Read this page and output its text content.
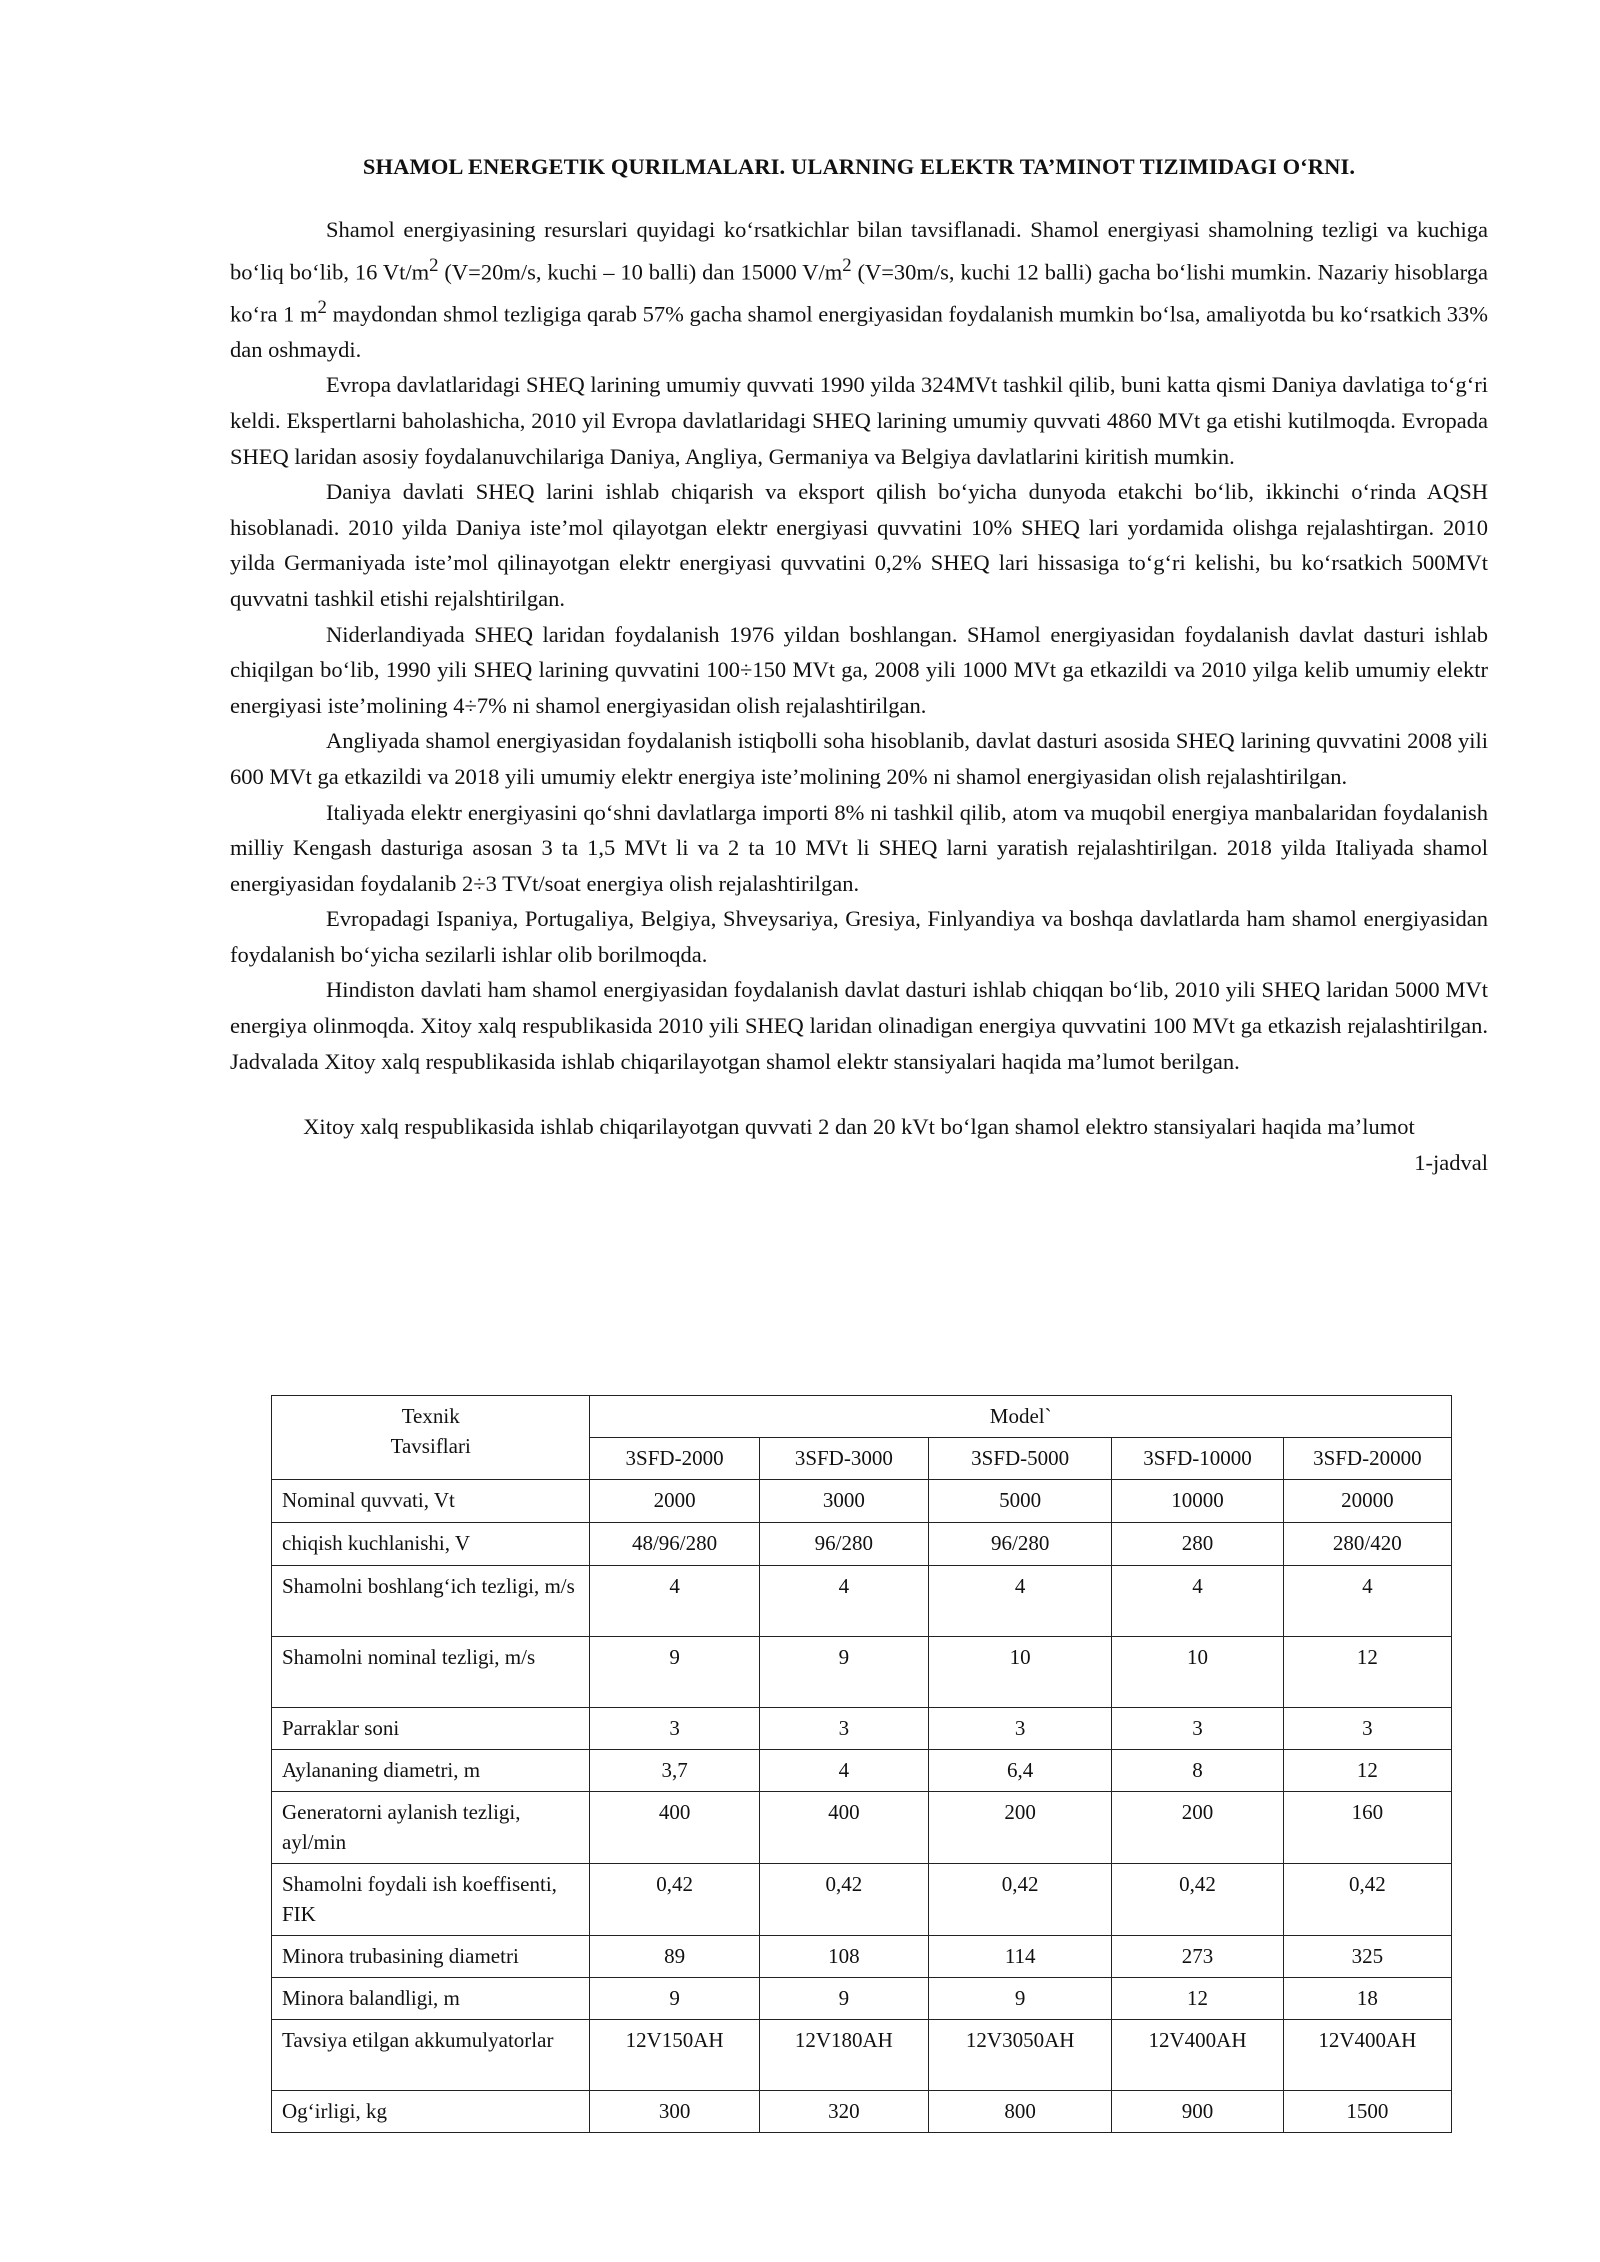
SHAMOL ENERGETIK QURILMALARI. ULARNING ELEKTR TA’MINOT TIZIMIDAGI O‘RNI.

Shamol energiyasining resurslari quyidagi ko‘rsatkichlar bilan tavsiflanadi. Shamol energiyasi shamolning tezligi va kuchiga bo‘liq bo‘lib, 16 $Vt/m^2$ (V=20m/s, kuchi – 10 balli) dan 15000 $V/m^2$ (V=30m/s, kuchi 12 balli) gacha bo‘lishi mumkin. Nazariy hisoblarga ko‘ra 1 $m^2$ maydondan shmol tezligiga qarab 57% gacha shamol energiyasidan foydalanish mumkin bo‘lsa, amaliyotda bu ko‘rsatkich 33% dan oshmaydi.

Evropa davlatlaridagi SHEQ larining umumiy quvvati 1990 yilda 324MVt tashkil qilib, buni katta qismi Daniya davlatiga to‘g‘ri keldi. Ekspertlarni baholashicha, 2010 yil Evropa davlatlaridagi SHEQ larining umumiy quvvati 4860 MVt ga etishi kutilmoqda. Evropada SHEQ laridan asosiy foydalanuvchilariga Daniya, Angliya, Germaniya va Belgiya davlatlarini kiritish mumkin.

Daniya davlati SHEQ larini ishlab chiqarish va eksport qilish bo‘yicha dunyoda etakchi bo‘lib, ikkinchi o‘rinda AQSH hisoblanadi. 2010 yilda Daniya iste’mol qilayotgan elektr energiyasi quvvatini 10% SHEQ lari yordamida olishga rejalashtirgan. 2010 yilda Germaniyada iste’mol qilinayotgan elektr energiyasi quvvatini 0,2% SHEQ lari hissasiga to‘g‘ri kelishi, bu ko‘rsatkich 500MVt quvvatni tashkil etishi rejalshtirilgan.

Niderlandiyada SHEQ laridan foydalanish 1976 yildan boshlangan. SHamol energiyasidan foydalanish davlat dasturi ishlab chiqilgan bo‘lib, 1990 yili SHEQ larining quvvatini 100÷150 MVt ga, 2008 yili 1000 MVt ga etkazildi va 2010 yilga kelib umumiy elektr energiyasi iste’molining 4÷7% ni shamol energiyasidan olish rejalashtirilgan.

Angliyada shamol energiyasidan foydalanish istiqbolli soha hisoblanib, davlat dasturi asosida SHEQ larining quvvatini 2008 yili 600 MVt ga etkazildi va 2018 yili umumiy elektr energiya iste’molining 20% ni shamol energiyasidan olish rejalashtirilgan.

Italiyada elektr energiyasini qo‘shni davlatlarga importi 8% ni tashkil qilib, atom va muqobil energiya manbalaridan foydalanish milliy Kengash dasturiga asosan 3 ta 1,5 MVt li va 2 ta 10 MVt li SHEQ larni yaratish rejalashtirilgan. 2018 yilda Italiyada shamol energiyasidan foydalanib 2÷3 TVt/soat energiya olish rejalashtirilgan.

Evropadagi Ispaniya, Portugaliya, Belgiya, Shveysariya, Gresiya, Finlyandiya va boshqa davlatlarda ham shamol energiyasidan foydalanish bo‘yicha sezilarli ishlar olib borilmoqda.

Hindiston davlati ham shamol energiyasidan foydalanish davlat dasturi ishlab chiqqan bo‘lib, 2010 yili SHEQ laridan 5000 MVt energiya olinmoqda. Xitoy xalq respublikasida 2010 yili SHEQ laridan olinadigan energiya quvvatini 100 MVt ga etkazish rejalashtirilgan. Jadvalada Xitoy xalq respublikasida ishlab chiqarilayotgan shamol elektr stansiyalari haqida ma’lumot berilgan.

Xitoy xalq respublikasida ishlab chiqarilayotgan quvvati 2 dan 20 kVt bo‘lgan shamol elektro stansiyalari haqida ma’lumot

1-jadval

Texnik
Tavsiflari	Model`				
	3SFD-2000	3SFD-3000	3SFD-5000	3SFD-10000	3SFD-20000
Nominal quvvati, Vt	2000	3000	5000	10000	20000
chiqish kuchlanishi, V	48/96/280	96/280	96/280	280	280/420
Shamolni boshlang‘ich tezligi, m/s	4	4	4	4	4
Shamolni nominal tezligi, m/s	9	9	10	10	12
Parraklar soni	3	3	3	3	3
Aylananing diametri, m	3,7	4	6,4	8	12
Generatorni aylanish tezligi, ayl/min	400	400	200	200	160
Shamolni foydali ish koeffisenti, FIK	0,42	0,42	0,42	0,42	0,42
Minora trubasining diametri	89	108	114	273	325
Minora balandligi, m	9	9	9	12	18
Tavsiya etilgan akkumulyatorlar	12V150AH	12V180AH	12V3050AH	12V400AH	12V400AH
Og‘irligi, kg	300	320	800	900	1500
